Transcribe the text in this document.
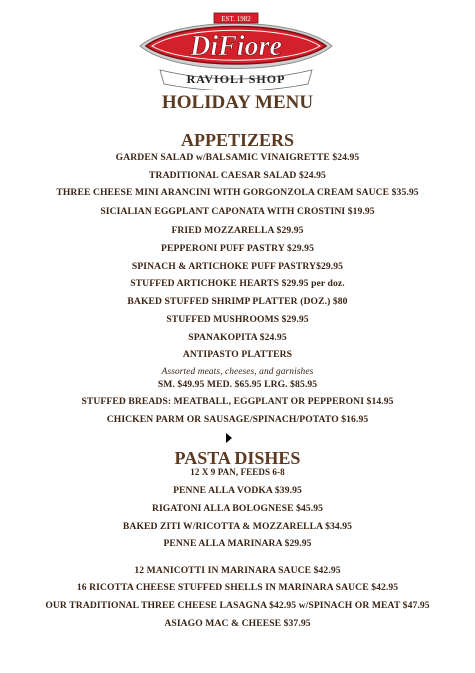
EST. 1982
DiFiore
RAVIOLI SHOP
HOLIDAY MENU
APPETIZERS
GARDEN SALAD w/BALSAMIC VINAIGRETTE $24.95
TRADITIONAL CAESAR SALAD $24.95
THREE CHEESE MINI ARANCINI WITH GORGONZOLA CREAM SAUCE $35.95
SICIALIAN EGGPLANT CAPONATA WITH CROSTINI $19.95
FRIED MOZZARELLA $29.95
PEPPERONI PUFF PASTRY $29.95
SPINACH & ARTICHOKE PUFF PASTRY$29.95
STUFFED ARTICHOKE HEARTS $29.95 per doz.
BAKED STUFFED SHRIMP PLATTER (DOZ.) $80
STUFFED MUSHROOMS $29.95
SPANAKOPITA $24.95
ANTIPASTO PLATTERS
Assorted meats, cheeses, and garnishes
SM. $49.95 MED. $65.95 LRG. $85.95
STUFFED BREADS: MEATBALL, EGGPLANT OR PEPPERONI $14.95
CHICKEN PARM OR SAUSAGE/SPINACH/POTATO $16.95
PASTA DISHES
12 X 9 PAN, FEEDS 6-8
PENNE ALLA VODKA $39.95
RIGATONI ALLA BOLOGNESE $45.95
BAKED ZITI W/RICOTTA & MOZZARELLA $34.95
PENNE ALLA MARINARA $29.95
12 MANICOTTI IN MARINARA SAUCE $42.95
16 RICOTTA CHEESE STUFFED SHELLS IN MARINARA SAUCE $42.95
OUR TRADITIONAL THREE CHEESE LASAGNA $42.95 w/SPINACH OR MEAT $47.95
ASIAGO MAC & CHEESE $37.95
